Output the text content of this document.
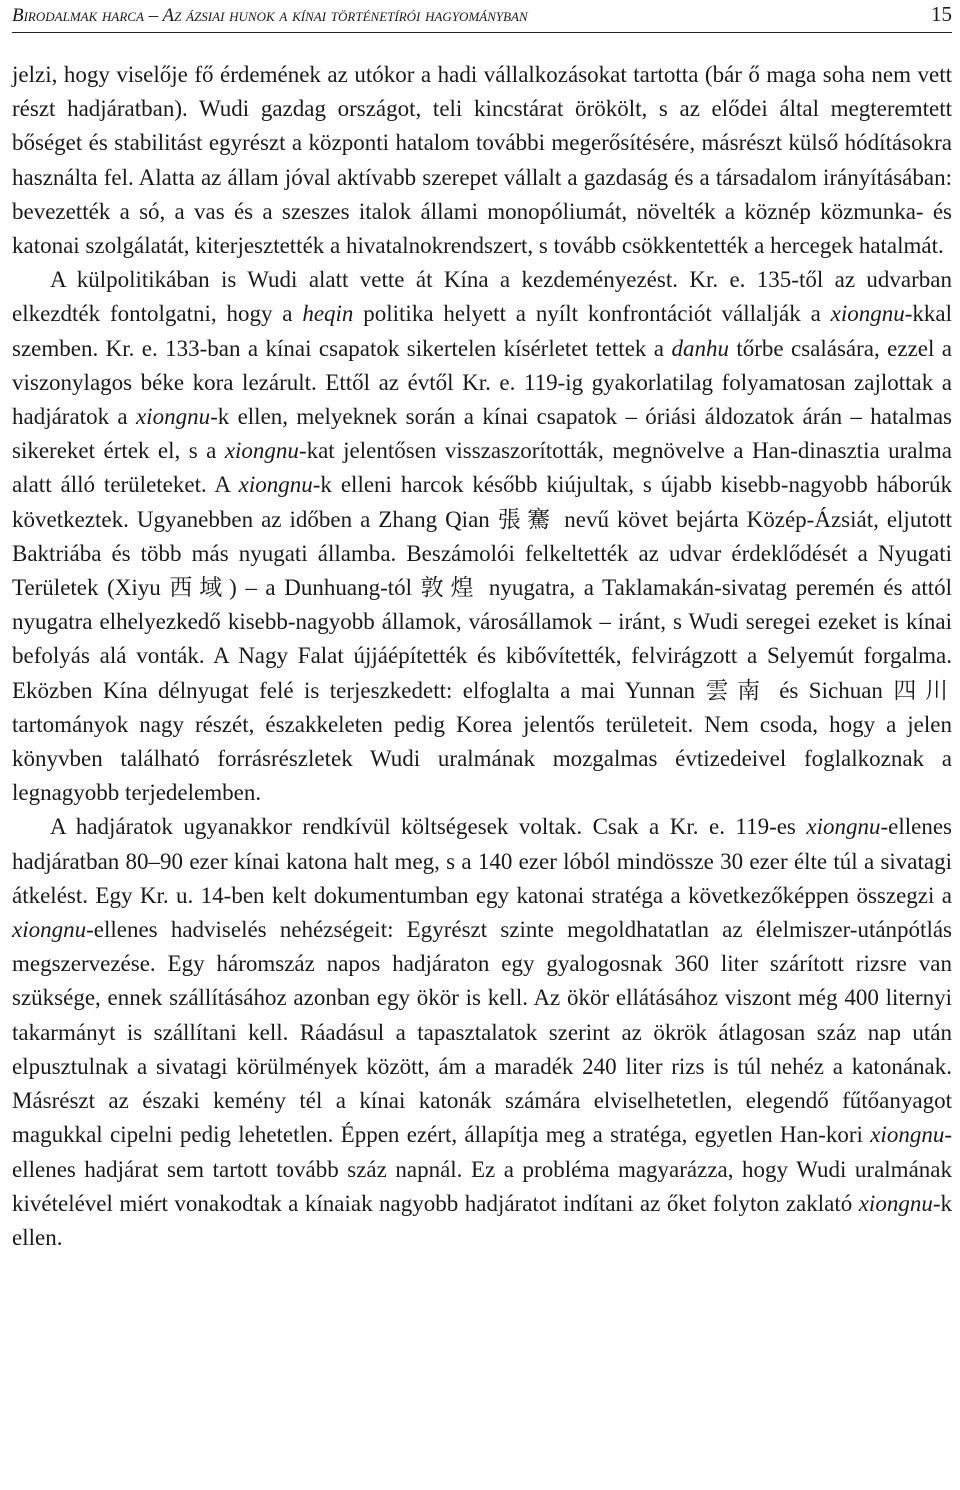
Birodalmak harca – Az ázsiai hunok a kínai történetírói hagyományban	15

jelzi, hogy viselője fő érdemének az utókor a hadi vállalkozásokat tartotta (bár ő maga soha nem vett részt hadjáratban). Wudi gazdag országot, teli kincstárat örökölt, s az elődei által megteremtett bőséget és stabilitást egyrészt a központi hatalom további megerősítésére, másrészt külső hódításokra használta fel. Alatta az állam jóval aktívabb szerepet vállalt a gazdaság és a társadalom irányításában: bevezették a só, a vas és a szeszes italok állami monopóliumát, növelték a köznép közmunka- és katonai szolgálatát, kiterjesztették a hivatalnokrendszert, s tovább csökkentették a hercegek hatalmát.

A külpolitikában is Wudi alatt vette át Kína a kezdeményezést. Kr. e. 135-től az udvarban elkezdték fontolgatni, hogy a heqin politika helyett a nyílt konfrontációt vállalják a xiongnu-kkal szemben. Kr. e. 133-ban a kínai csapatok sikertelen kísérletet tettek a danhu tőrbe csalására, ezzel a viszonylagos béke kora lezárult. Ettől az évtől Kr. e. 119-ig gyakorlatilag folyamatosan zajlottak a hadjáratok a xiongnu-k ellen, melyeknek során a kínai csapatok – óriási áldozatok árán – hatalmas sikereket értek el, s a xiongnu-kat jelentősen visszaszorították, megnövelve a Han-dinasztia uralma alatt álló területeket. A xiongnu-k elleni harcok később kiújultak, s újabb kisebb-nagyobb háborúk következtek. Ugyanebben az időben a Zhang Qian 張騫 nevű követ bejárta Közép-Ázsiát, eljutott Baktriába és több más nyugati államba. Beszámolói felkeltették az udvar érdeklődését a Nyugati Területek (Xiyu 西域) – a Dunhuang-tól 敦煌 nyugatra, a Taklamakán-sivatag peremén és attól nyugatra elhelyezkedő kisebb-nagyobb államok, városállamok – iránt, s Wudi seregei ezeket is kínai befolyás alá vonták. A Nagy Falat újjáépítették és kibővítették, felvirágzott a Selyemút forgalma. Eközben Kína délnyugat felé is terjeszkedett: elfoglalta a mai Yunnan 雲南 és Sichuan 四川 tartományok nagy részét, északkeleten pedig Korea jelentős területeit. Nem csoda, hogy a jelen könyvben található forrásrészletek Wudi uralmának mozgalmas évtizedeivel foglalkoznak a legnagyobb terjedelemben.

A hadjáratok ugyanakkor rendkívül költségesek voltak. Csak a Kr. e. 119-es xiongnu-ellenes hadjáratban 80–90 ezer kínai katona halt meg, s a 140 ezer lóból mindössze 30 ezer élte túl a sivatagi átkelést. Egy Kr. u. 14-ben kelt dokumentumban egy katonai stratéga a következőképpen összegzi a xiongnu-ellenes hadviselés nehézségeit: Egyrészt szinte megoldhatatlan az élelmiszer-utánpótlás megszervezése. Egy háromszáz napos hadjáraton egy gyalogosnak 360 liter szárított rizsre van szüksége, ennek szállításához azonban egy ökör is kell. Az ökör ellátásához viszont még 400 liternyi takarmányt is szállítani kell. Ráadásul a tapasztalatok szerint az ökrök átlagosan száz nap után elpusztulnak a sivatagi körülmények között, ám a maradék 240 liter rizs is túl nehéz a katonának. Másrészt az északi kemény tél a kínai katonák számára elviselhetetlen, elegendő fűtőanyagot magukkal cipelni pedig lehetetlen. Éppen ezért, állapítja meg a stratéga, egyetlen Han-kori xiongnu-ellenes hadjárat sem tartott tovább száz napnál. Ez a probléma magyarázza, hogy Wudi uralmának kivételével miért vonakodtak a kínaiak nagyobb hadjáratot indítani az őket folyton zaklató xiongnu-k ellen.
